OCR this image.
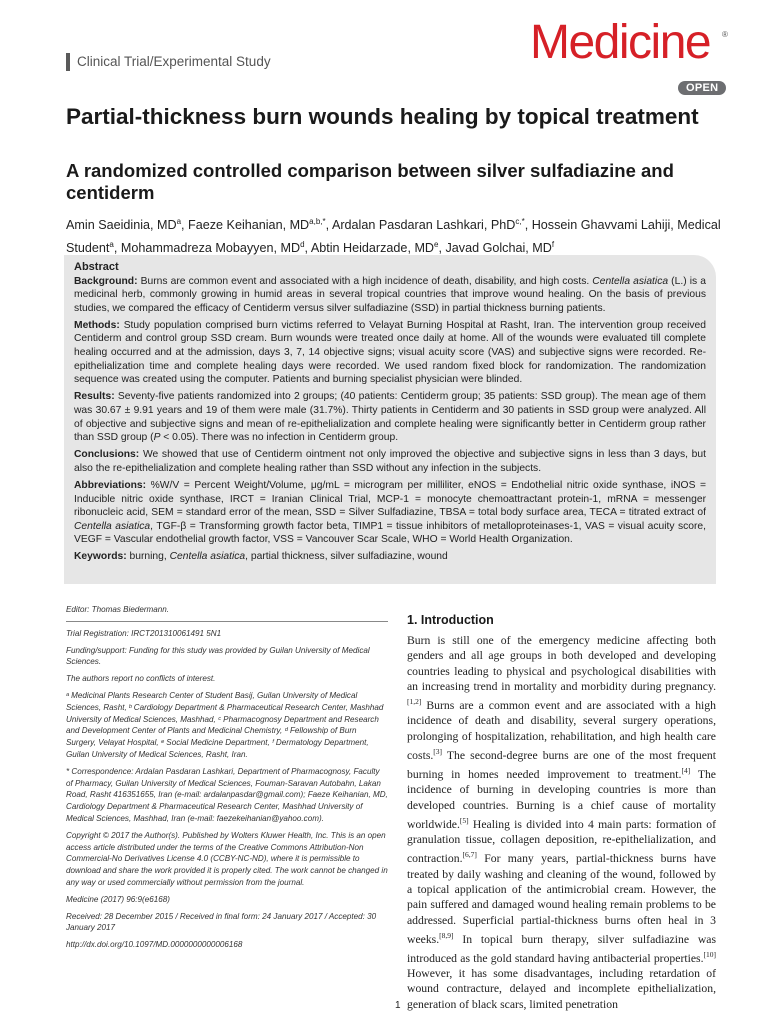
Clinical Trial/Experimental Study	Medicine ®
OPEN
Partial-thickness burn wounds healing by topical treatment
A randomized controlled comparison between silver sulfadiazine and centiderm
Amin Saeidinia, $MD^a$, Faeze Keihanian, $MD^{a,b,*}$, Ardalan Pasdaran Lashkari, PhD$^{c,*}$, Hossein Ghavvami Lahiji, Medical Student$^a$, Mohammadreza Mobayyen, $MD^d$, Abtin Heidarzade, MDe, Javad Golchai, $MD^f$

Abstract

Background: Burns are common event and associated with a high incidence of death, disability, and high costs. Centella asiatica (L.) is a medicinal herb, commonly growing in humid areas in several tropical countries that improve wound healing. On the basis of previous studies, we compared the efficacy of Centiderm versus silver sulfadiazine (SSD) in partial thickness burning patients.

Methods: Study population comprised burn victims referred to Velayat Burning Hospital at Rasht, Iran. The intervention group received Centiderm and control group SSD cream. Burn wounds were treated once daily at home. All of the wounds were evaluated till complete healing occurred and at the admission, days 3, 7, 14 objective signs; visual acuity score (VAS) and subjective signs were recorded. Re-epithelialization time and complete healing days were recorded. We used random fixed block for randomization. The randomization sequence was created using the computer. Patients and burning specialist physician were blinded.

Results: Seventy-five patients randomized into 2 groups; (40 patients: Centiderm group; 35 patients: SSD group). The mean age of them was 30.67 ± 9.91 years and 19 of them were male (31.7%). Thirty patients in Centiderm and 30 patients in SSD group were analyzed. All of objective and subjective signs and mean of re-epithelialization and complete healing were significantly better in Centiderm group rather than SSD group (P < 0.05). There was no infection in Centiderm group.

Conclusions: We showed that use of Centiderm ointment not only improved the objective and subjective signs in less than 3 days, but also the re-epithelialization and complete healing rather than SSD without any infection in the subjects.

Abbreviations: %W/V = Percent Weight/Volume, μg/mL = microgram per milliliter, eNOS = Endothelial nitric oxide synthase, iNOS = Inducible nitric oxide synthase, IRCT = Iranian Clinical Trial, MCP-1 = monocyte chemoattractant protein-1, mRNA = messenger ribonucleic acid, SEM = standard error of the mean, SSD = Silver Sulfadiazine, TBSA = total body surface area, TECA = titrated extract of Centella asiatica, TGF-β = Transforming growth factor beta, TIMP1 = tissue inhibitors of metalloproteinases-1, VAS = visual acuity score, VEGF = Vascular endothelial growth factor, VSS = Vancouver Scar Scale, WHO = World Health Organization.

Keywords: burning, Centella asiatica, partial thickness, silver sulfadiazine, wound

Editor: Thomas Biedermann.

Trial Registration: IRCT201310061491 5N1

Funding/support: Funding for this study was provided by Guilan University of Medical Sciences.

The authors report no conflicts of interest.

ᵃ Medicinal Plants Research Center of Student Basij, Guilan University of Medical Sciences, Rasht, ᵇ Cardiology Department & Pharmaceutical Research Center, Mashhad University of Medical Sciences, Mashhad, ᶜ Pharmacognosy Department and Research and Development Center of Plants and Medicinal Chemistry, ᵈ Fellowship of Burn Surgery, Velayat Hospital, ᵉ Social Medicine Department, ᶠ Dermatology Department, Guilan University of Medical Sciences, Rasht, Iran.

* Correspondence: Ardalan Pasdaran Lashkari, Department of Pharmacognosy, Faculty of Pharmacy, Guilan University of Medical Sciences, Fouman-Saravan Autobahn, Lakan Road, Rasht 416351655, Iran (e-mail: ardalanpasdar@gmail.com); Faeze Keihanian, MD, Cardiology Department & Pharmaceutical Research Center, Mashhad University of Medical Sciences, Mashhad, Iran (e-mail: faezekeihanian@yahoo.com).

Copyright © 2017 the Author(s). Published by Wolters Kluwer Health, Inc. This is an open access article distributed under the terms of the Creative Commons Attribution-Non Commercial-No Derivatives License 4.0 (CCBY-NC-ND), where it is permissible to download and share the work provided it is properly cited. The work cannot be changed in any way or used commercially without permission from the journal.

Medicine (2017) 96:9(e6168)

Received: 28 December 2015 / Received in final form: 24 January 2017 / Accepted: 30 January 2017

http://dx.doi.org/10.1097/MD.0000000000006168

1. Introduction
Burn is still one of the emergency medicine affecting both genders and all age groups in both developed and developing countries leading to physical and psychological disabilities with an increasing trend in mortality and morbidity during pregnancy.[1,2] Burns are a common event and are associated with a high incidence of death and disability, several surgery operations, prolonging of hospitalization, rehabilitation, and high health care costs.[3] The second-degree burns are one of the most frequent burning in homes needed improvement to treatment.[4] The incidence of burning in developing countries is more than developed countries. Burning is a chief cause of mortality worldwide.[5] Healing is divided into 4 main parts: formation of granulation tissue, collagen deposition, re-epithelialization, and contraction.[6,7] For many years, partial-thickness burns have treated by daily washing and cleaning of the wound, followed by a topical application of the antimicrobial cream. However, the pain suffered and damaged wound healing remain problems to be addressed. Superficial partial-thickness burns often heal in 3 weeks.[8,9] In topical burn therapy, silver sulfadiazine was introduced as the gold standard having antibacterial properties.[10] However, it has some disadvantages, including retardation of wound contracture, delayed and incomplete epithelialization, generation of black scars, limited penetration
1
